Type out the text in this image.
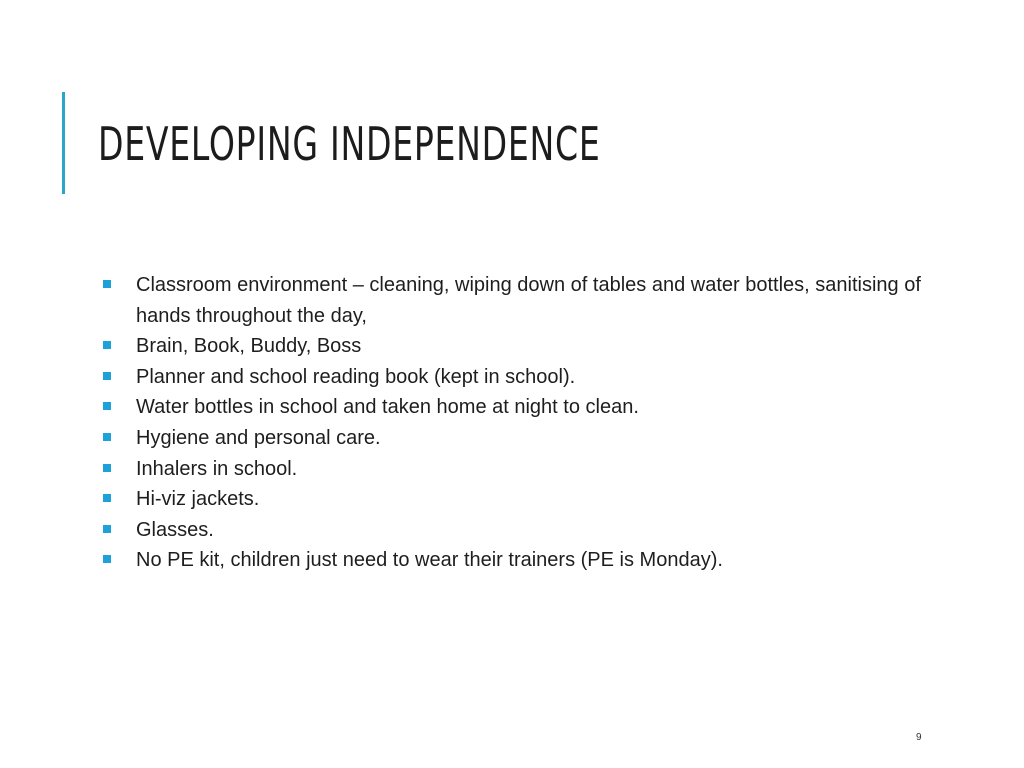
DEVELOPING INDEPENDENCE
Classroom environment – cleaning, wiping down of tables and water bottles, sanitising of hands throughout the day,
Brain, Book, Buddy, Boss
Planner and school reading book (kept in school).
Water bottles in school and taken home at night to clean.
Hygiene and personal care.
Inhalers in school.
Hi-viz jackets.
Glasses.
No PE kit, children just need to wear their trainers (PE is Monday).
9
